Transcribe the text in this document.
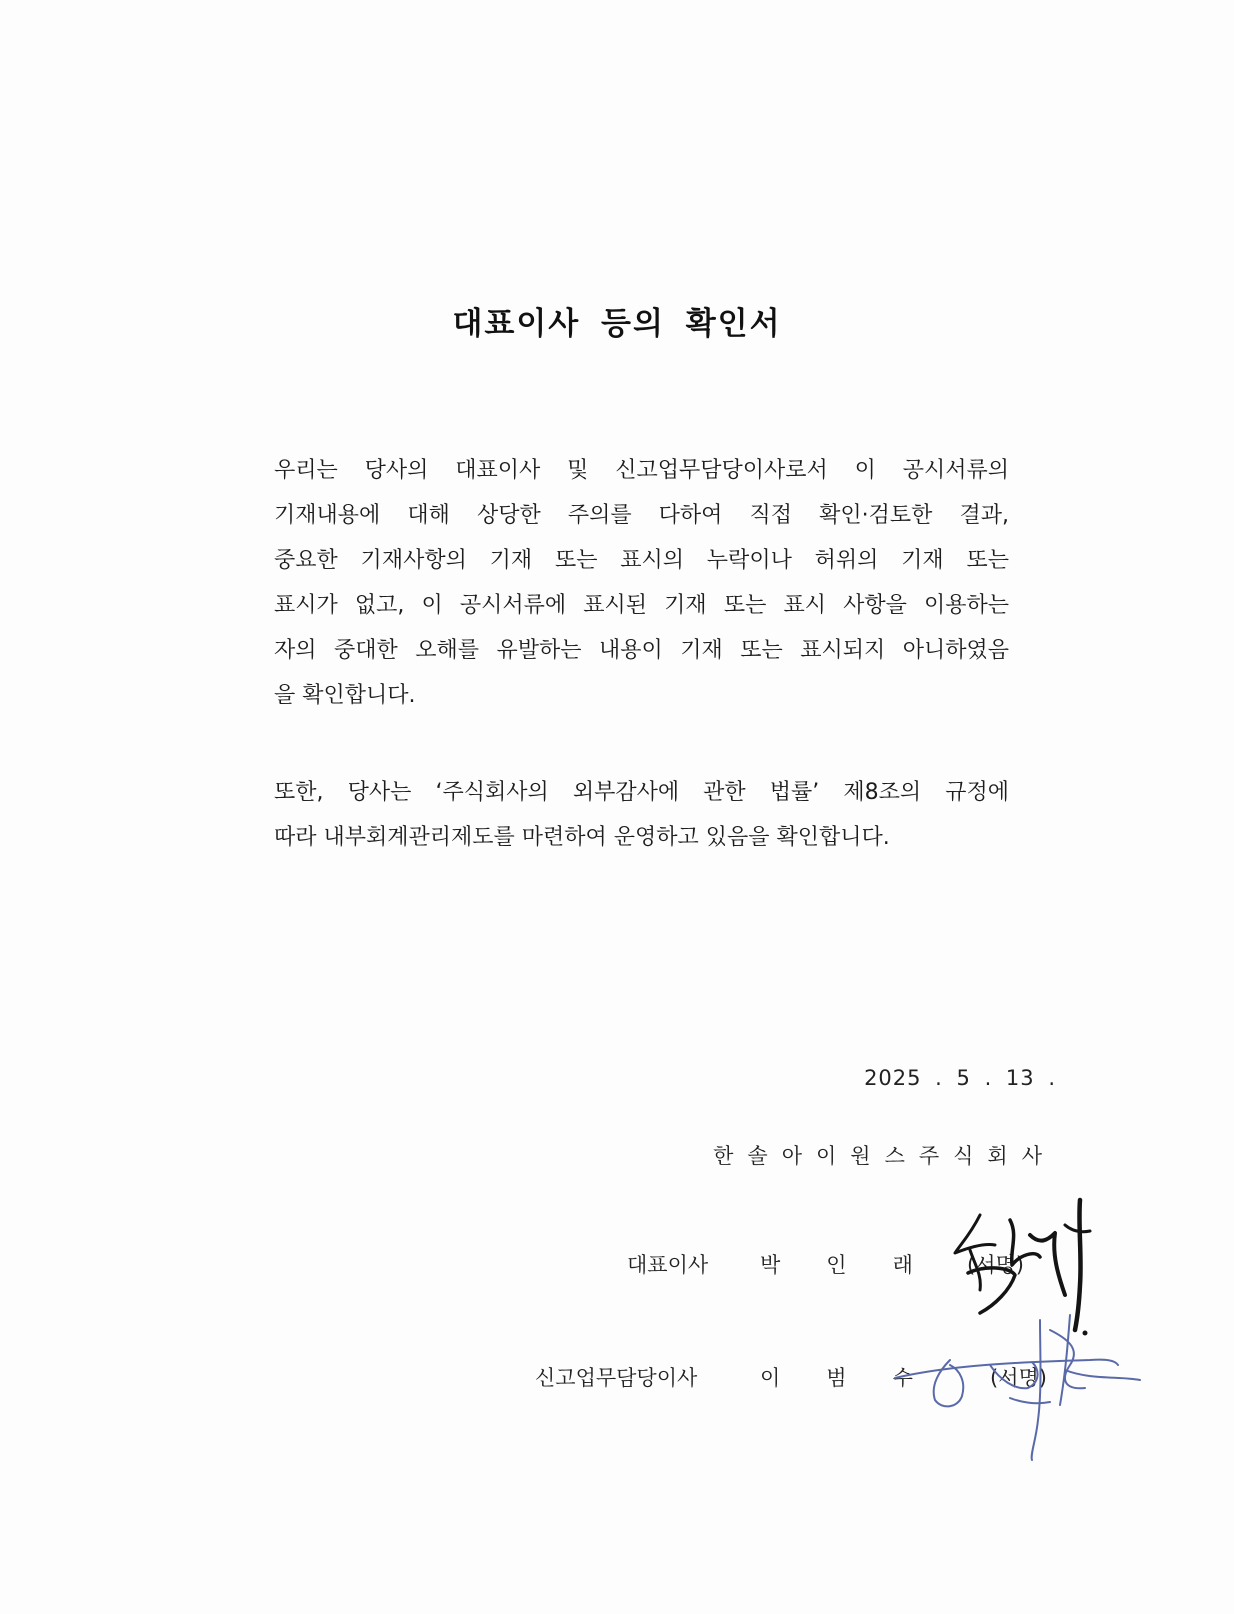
대표이사 등의 확인서
우리는 당사의 대표이사 및 신고업무담당이사로서 이 공시서류의
기재내용에 대해 상당한 주의를 다하여 직접 확인·검토한 결과,
중요한 기재사항의 기재 또는 표시의 누락이나 허위의 기재 또는
표시가 없고, 이 공시서류에 표시된 기재 또는 표시 사항을 이용하는
자의 중대한 오해를 유발하는 내용이 기재 또는 표시되지 아니하였음
을 확인합니다.
또한, 당사는 ‘주식회사의 외부감사에 관한 법률’ 제8조의 규정에
따라 내부회계관리제도를 마련하여 운영하고 있음을 확인합니다.
2025 . 5 . 13 .
한솔아이원스주식회사
대표이사 박인래 (서명)
신고업무담당이사	이범수 (서명)
